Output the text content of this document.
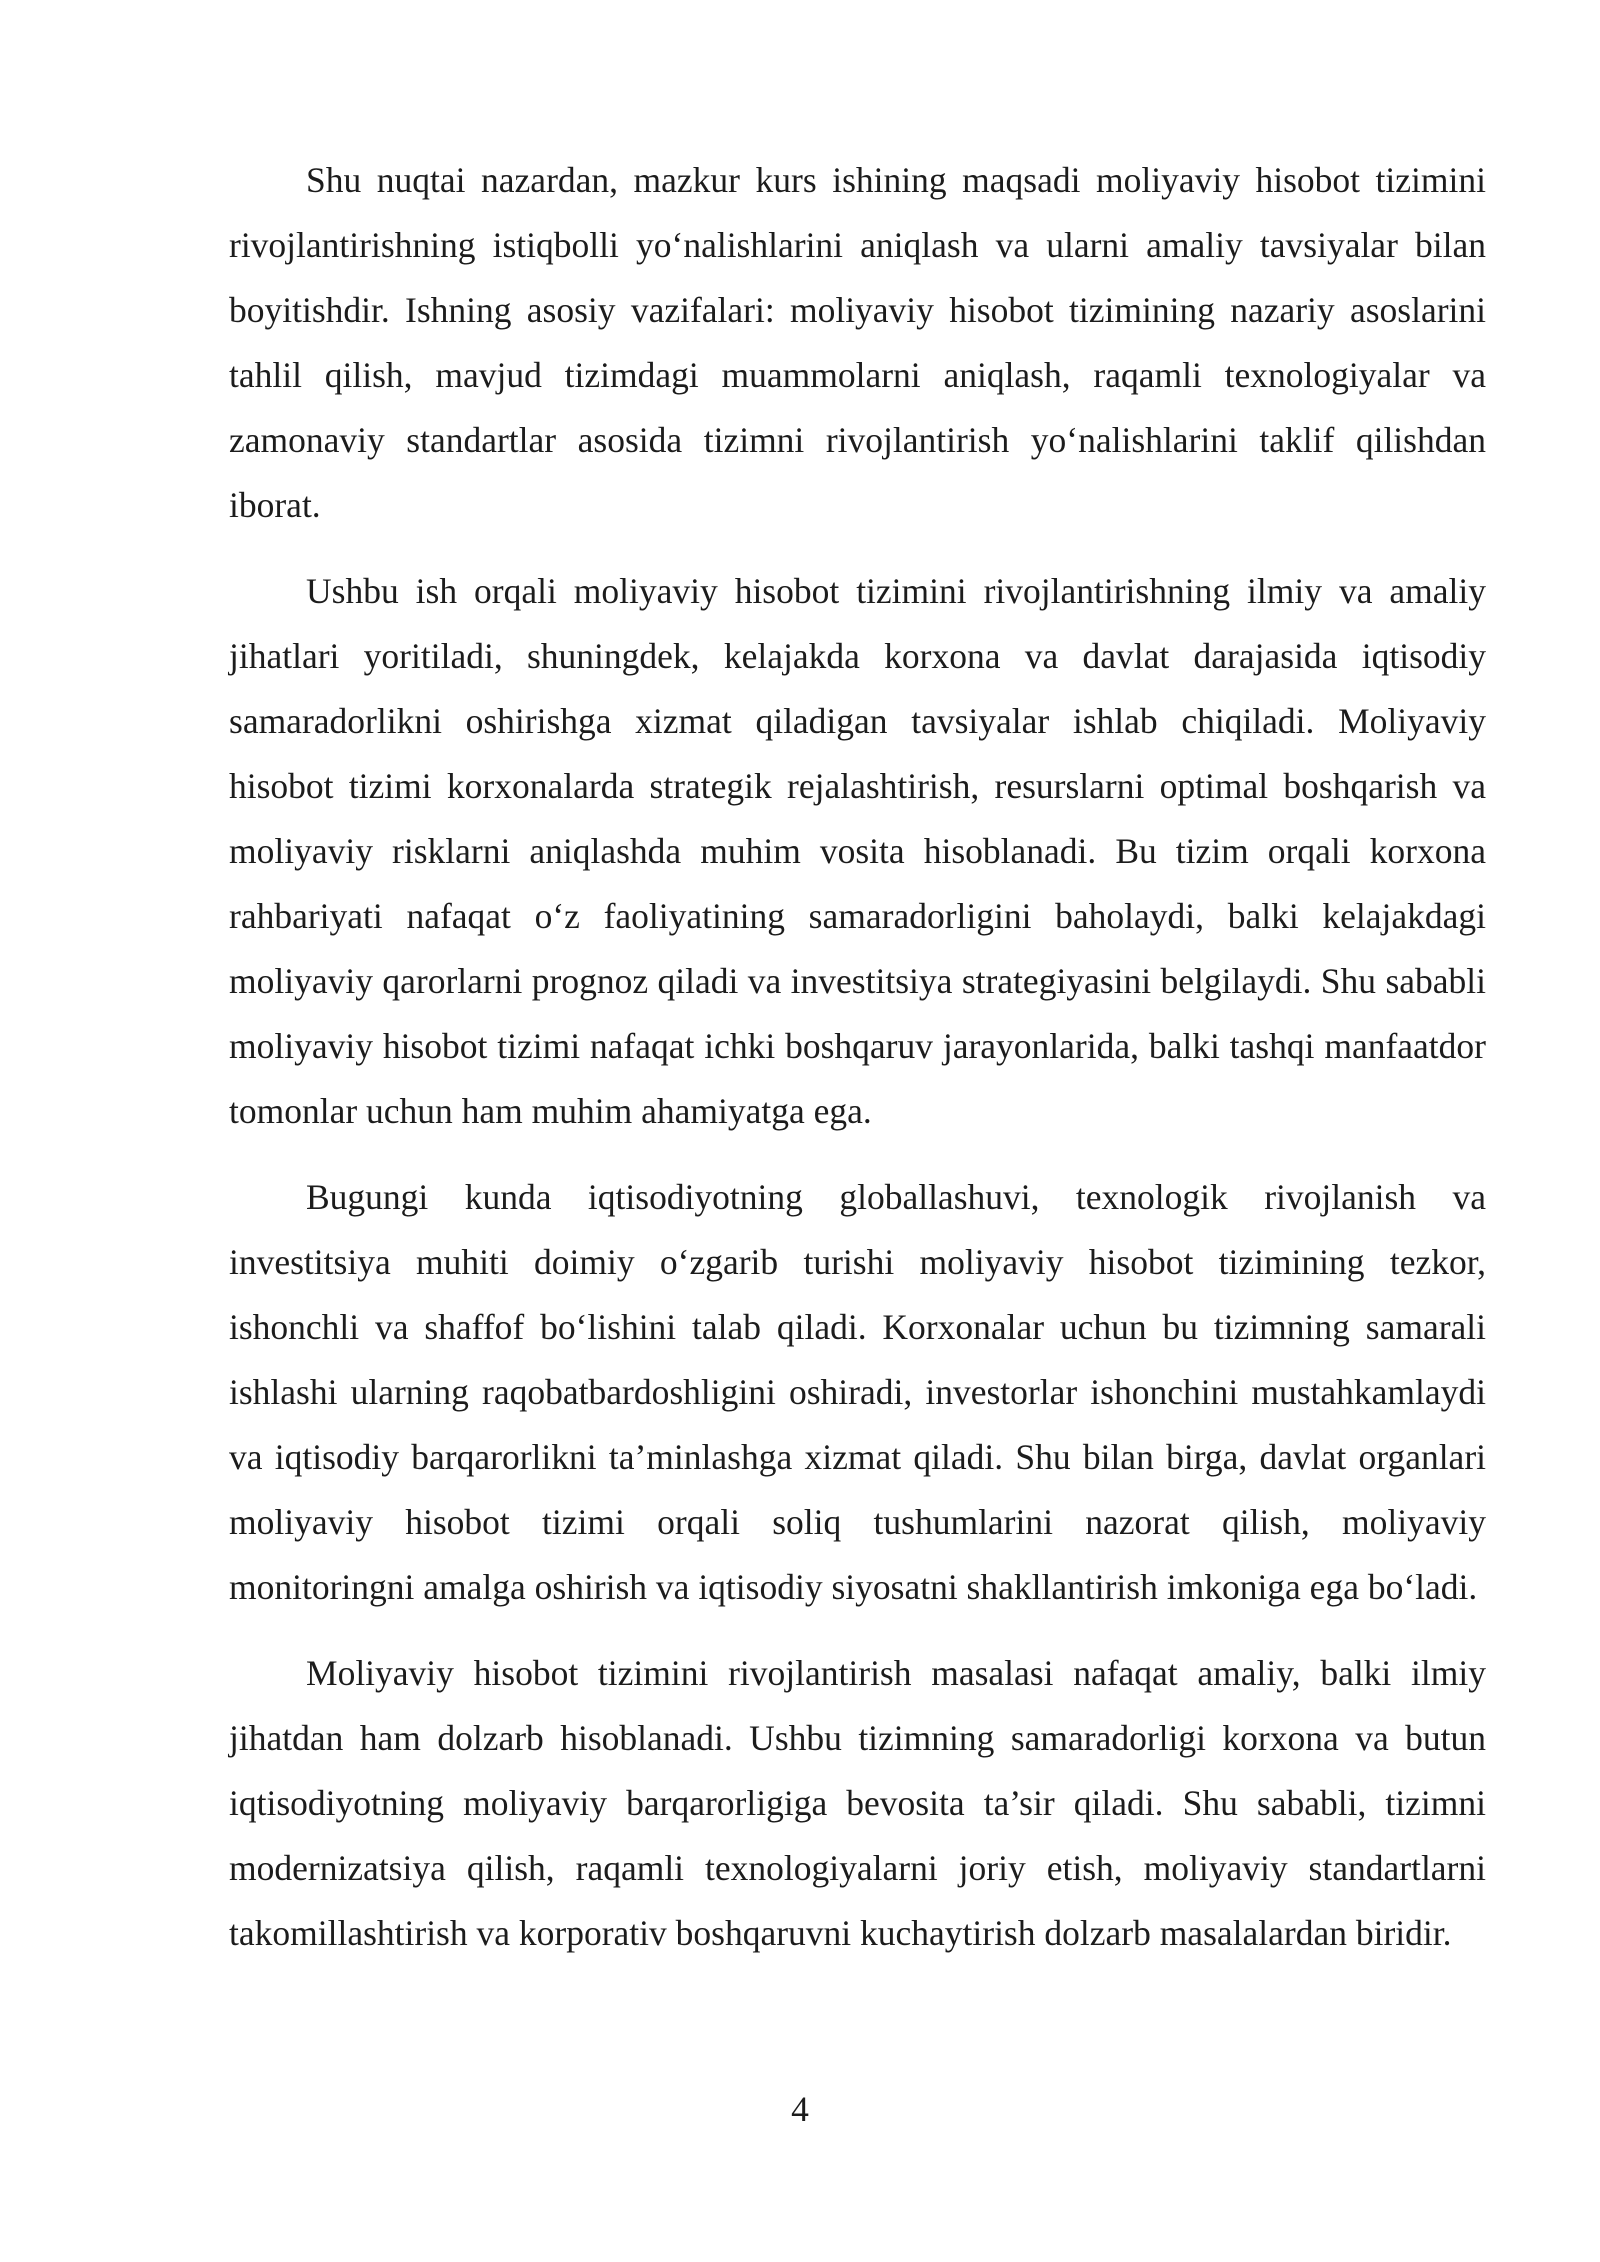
Shu nuqtai nazardan, mazkur kurs ishining maqsadi moliyaviy hisobot tizimini rivojlantirishning istiqbolli yo‘nalishlarini aniqlash va ularni amaliy tavsiyalar bilan boyitishdir. Ishning asosiy vazifalari: moliyaviy hisobot tizimining nazariy asoslarini tahlil qilish, mavjud tizimdagi muammolarni aniqlash, raqamli texnologiyalar va zamonaviy standartlar asosida tizimni rivojlantirish yo‘nalishlarini taklif qilishdan iborat.

Ushbu ish orqali moliyaviy hisobot tizimini rivojlantirishning ilmiy va amaliy jihatlari yoritiladi, shuningdek, kelajakda korxona va davlat darajasida iqtisodiy samaradorlikni oshirishga xizmat qiladigan tavsiyalar ishlab chiqiladi. Moliyaviy hisobot tizimi korxonalarda strategik rejalashtirish, resurslarni optimal boshqarish va moliyaviy risklarni aniqlashda muhim vosita hisoblanadi. Bu tizim orqali korxona rahbariyati nafaqat o‘z faoliyatining samaradorligini baholaydi, balki kelajakdagi moliyaviy qarorlarni prognoz qiladi va investitsiya strategiyasini belgilaydi. Shu sababli moliyaviy hisobot tizimi nafaqat ichki boshqaruv jarayonlarida, balki tashqi manfaatdor tomonlar uchun ham muhim ahamiyatga ega.

Bugungi kunda iqtisodiyotning globallashuvi, texnologik rivojlanish va investitsiya muhiti doimiy o‘zgarib turishi moliyaviy hisobot tizimining tezkor, ishonchli va shaffof bo‘lishini talab qiladi. Korxonalar uchun bu tizimning samarali ishlashi ularning raqobatbardoshligini oshiradi, investorlar ishonchini mustahkamlaydi va iqtisodiy barqarorlikni ta’minlashga xizmat qiladi. Shu bilan birga, davlat organlari moliyaviy hisobot tizimi orqali soliq tushumlarini nazorat qilish, moliyaviy monitoringni amalga oshirish va iqtisodiy siyosatni shakllantirish imkoniga ega bo‘ladi.

Moliyaviy hisobot tizimini rivojlantirish masalasi nafaqat amaliy, balki ilmiy jihatdan ham dolzarb hisoblanadi. Ushbu tizimning samaradorligi korxona va butun iqtisodiyotning moliyaviy barqarorligiga bevosita ta’sir qiladi. Shu sababli, tizimni modernizatsiya qilish, raqamli texnologiyalarni joriy etish, moliyaviy standartlarni takomillashtirish va korporativ boshqaruvni kuchaytirish dolzarb masalalardan biridir.

4
